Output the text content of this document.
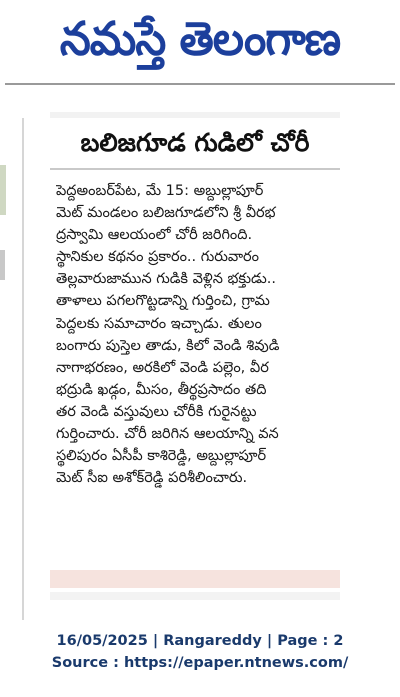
నమస్తే తెలంగాణ
బలిజగూడ గుడిలో చోరీ
పెద్దఅంబర్‌పేట, మే 15: అబ్దుల్లాపూర్
మెట్ మండలం బలిజగూడలోని శ్రీ వీరభ
ద్రస్వామి ఆలయంలో చోరీ జరిగింది.
స్థానికుల కథనం ప్రకారం.. గురువారం
తెల్లవారుజామున గుడికి వెళ్లిన భక్తుడు..
తాళాలు పగలగొట్టడాన్ని గుర్తించి, గ్రామ
పెద్దలకు సమాచారం ఇచ్చాడు. తులం
బంగారు పుస్తెల తాడు, కిలో వెండి శివుడి
నాగాభరణం, అరకిలో వెండి పల్లెం, వీర
భద్రుడి ఖడ్గం, మీసం, తీర్థప్రసాదం తది
తర వెండి వస్తువులు చోరీకి గురైనట్టు
గుర్తించారు. చోరీ జరిగిన ఆలయాన్ని వన
స్థలిపురం ఏసీపీ కాశిరెడ్డి, అబ్దుల్లాపూర్
మెట్ సీఐ అశోక్‌రెడ్డి పరిశీలించారు.
16/05/2025 | Rangareddy | Page : 2
Source : https://epaper.ntnews.com/
